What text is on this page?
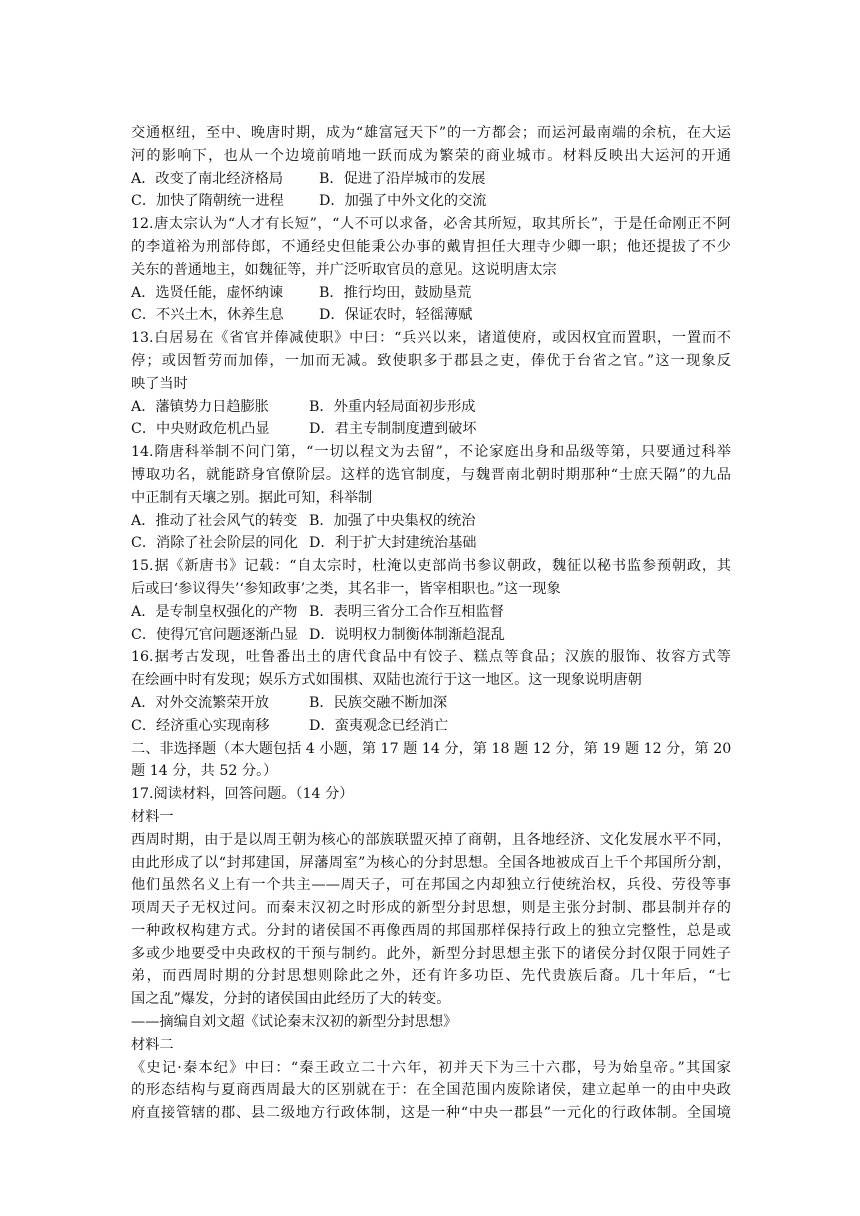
交通枢纽，至中、晚唐时期，成为“雄富冠天下”的一方都会；而运河最南端的余杭，在大运
河的影响下，也从一个边境前哨地一跃而成为繁荣的商业城市。材料反映出大运河的开通
A．改变了南北经济格局	B．促进了沿岸城市的发展
C．加快了隋朝统一进程	D．加强了中外文化的交流
12.唐太宗认为“人才有长短”，“人不可以求备，必舍其所短，取其所长”，于是任命刚正不阿
的李道裕为刑部侍郎，不通经史但能秉公办事的戴胄担任大理寺少卿一职；他还提拔了不少
关东的普通地主，如魏征等，并广泛听取官员的意见。这说明唐太宗
A．选贤任能，虚怀纳谏	B．推行均田，鼓励垦荒
C．不兴土木，休养生息	D．保证农时，轻徭薄赋
13.白居易在《省官并俸减使职》中曰：“兵兴以来，诸道使府，或因权宜而置职，一置而不
停；或因暂劳而加俸，一加而无减。致使职多于郡县之吏，俸优于台省之官。”这一现象反
映了当时
A．藩镇势力日趋膨胀	B．外重内轻局面初步形成
C．中央财政危机凸显	D．君主专制制度遭到破坏
14.隋唐科举制不问门第，“一切以程文为去留”，不论家庭出身和品级等第，只要通过科举
博取功名，就能跻身官僚阶层。这样的选官制度，与魏晋南北朝时期那种“士庶天隔”的九品
中正制有天壤之别。据此可知，科举制
A．推动了社会风气的转变 B．加强了中央集权的统治
C．消除了社会阶层的同化 D．利于扩大封建统治基础
15.据《新唐书》记载：“自太宗时，杜淹以吏部尚书参议朝政，魏征以秘书监参预朝政，其
后或曰‘参议得失’‘参知政事’之类，其名非一，皆宰相职也。”这一现象
A．是专制皇权强化的产物 B．表明三省分工合作互相监督
C．使得冗官问题逐渐凸显 D．说明权力制衡体制渐趋混乱
16.据考古发现，吐鲁番出土的唐代食品中有饺子、糕点等食品；汉族的服饰、妆容方式等
在绘画中时有发现；娱乐方式如围棋、双陆也流行于这一地区。这一现象说明唐朝
A．对外交流繁荣开放	B．民族交融不断加深
C．经济重心实现南移	D．蛮夷观念已经消亡
二、非选择题（本大题包括 4 小题，第 17 题 14 分，第 18 题 12 分，第 19 题 12 分，第 20
题 14 分，共 52 分。）
17.阅读材料，回答问题。（14 分）
材料一
西周时期，由于是以周王朝为核心的部族联盟灭掉了商朝，且各地经济、文化发展水平不同，
由此形成了以“封邦建国，屏藩周室”为核心的分封思想。全国各地被成百上千个邦国所分割，
他们虽然名义上有一个共主——周天子，可在邦国之内却独立行使统治权，兵役、劳役等事
项周天子无权过问。而秦末汉初之时形成的新型分封思想，则是主张分封制、郡县制并存的
一种政权构建方式。分封的诸侯国不再像西周的邦国那样保持行政上的独立完整性，总是或
多或少地要受中央政权的干预与制约。此外，新型分封思想主张下的诸侯分封仅限于同姓子
弟，而西周时期的分封思想则除此之外，还有许多功臣、先代贵族后裔。几十年后，“七
国之乱”爆发，分封的诸侯国由此经历了大的转变。
——摘编自刘文超《试论秦末汉初的新型分封思想》
材料二
《史记·秦本纪》中曰：“秦王政立二十六年，初并天下为三十六郡，号为始皇帝。”其国家
的形态结构与夏商西周最大的区别就在于：在全国范围内废除诸侯，建立起单一的由中央政
府直接管辖的郡、县二级地方行政体制，这是一种“中央一郡县”一元化的行政体制。全国境
